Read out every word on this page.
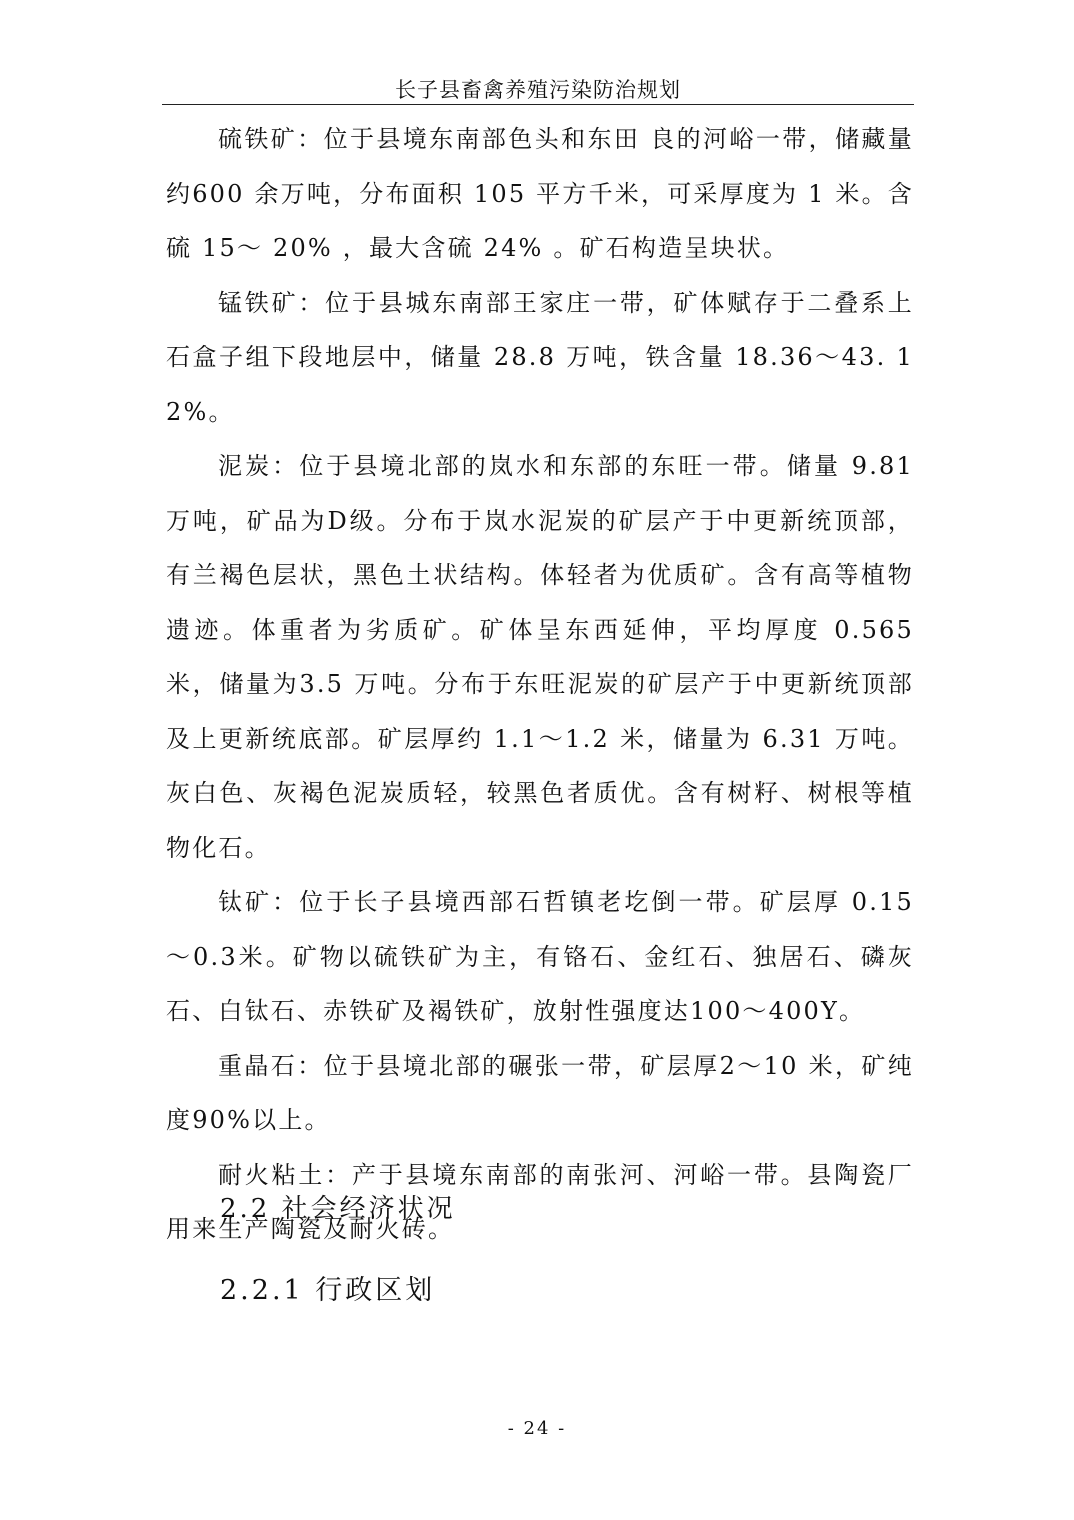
长子县畜禽养殖污染防治规划

硫铁矿：位于县境东南部色头和东田 良的河峪一带，储藏量约600 余万吨，分布面积 105 平方千米，可采厚度为 1 米。含硫 15～ 20% ，最大含硫 24% 。矿石构造呈块状。

锰铁矿：位于县城东南部王家庄一带，矿体赋存于二叠系上石盒子组下段地层中，储量 28.8 万吨，铁含量 18.36～43. 12%。

泥炭：位于县境北部的岚水和东部的东旺一带。储量 9.81 万吨，矿品为D级。分布于岚水泥炭的矿层产于中更新统顶部，有兰褐色层状，黑色土状结构。体轻者为优质矿。含有高等植物遗迹。体重者为劣质矿。矿体呈东西延伸，平均厚度 0.565 米，储量为3.5 万吨。分布于东旺泥炭的矿层产于中更新统顶部及上更新统底部。矿层厚约 1.1～1.2 米，储量为 6.31 万吨。灰白色、灰褐色泥炭质轻，较黑色者质优。含有树籽、树根等植物化石。

钛矿：位于长子县境西部石哲镇老圪倒一带。矿层厚 0.15～0.3米。矿物以硫铁矿为主，有铬石、金红石、独居石、磷灰石、白钛石、赤铁矿及褐铁矿，放射性强度达100～400Y。

重晶石：位于县境北部的碾张一带，矿层厚2～10 米，矿纯度90%以上。

耐火粘土：产于县境东南部的南张河、河峪一带。县陶瓷厂用来生产陶瓷及耐火砖。

2.2 社会经济状况
2.2.1 行政区划
- 24 -
